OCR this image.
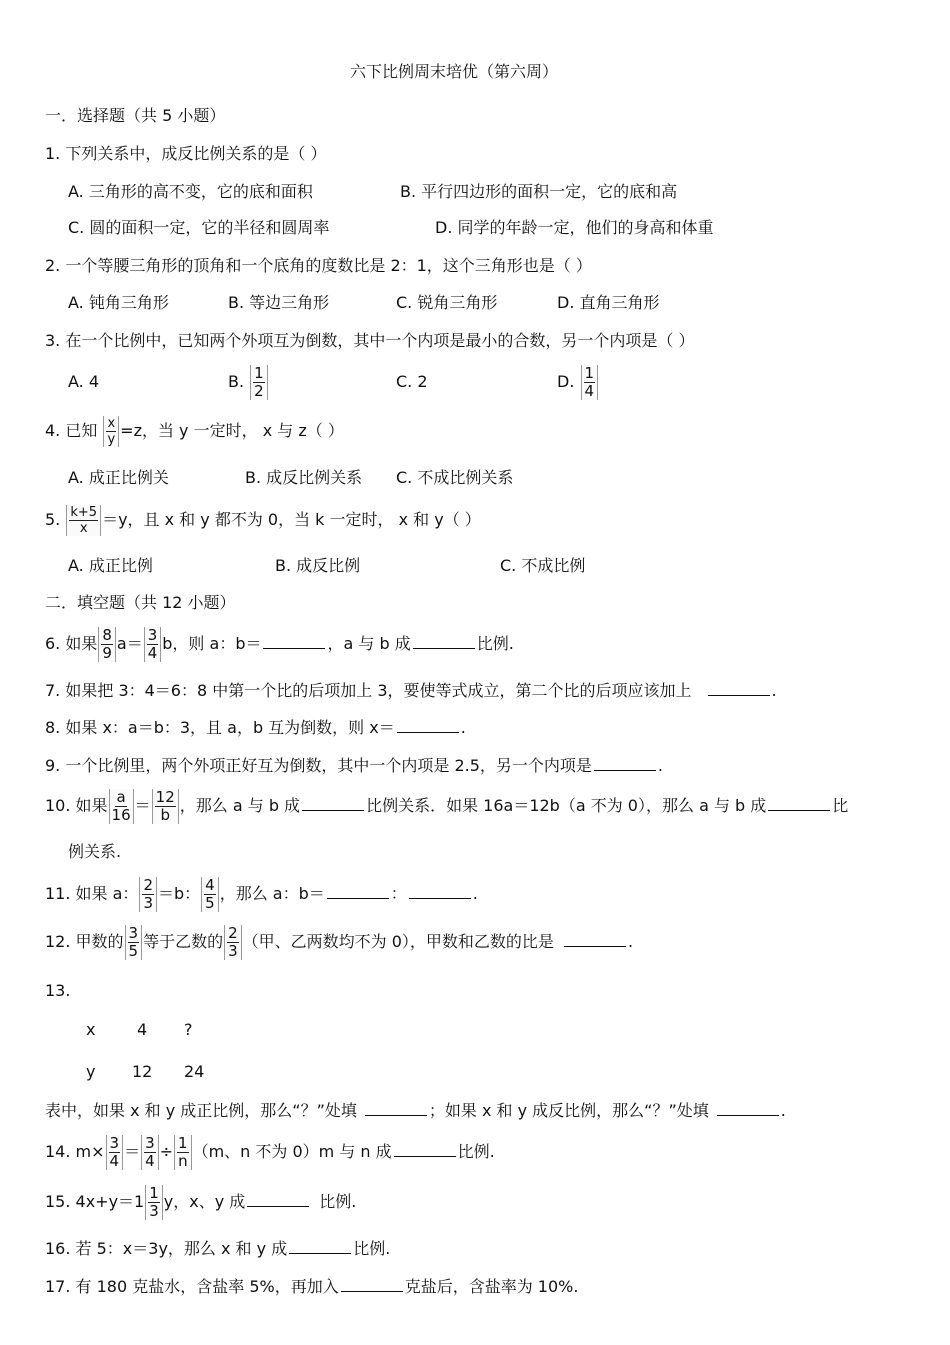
六下比例周末培优（第六周）
一．选择题（共 5 小题）
1. 下列关系中，成反比例关系的是（ ）
A. 三角形的高不变，它的底和面积	B. 平行四边形的面积一定，它的底和高
C. 圆的面积一定，它的半径和圆周率	D. 同学的年龄一定，他们的身高和体重
2. 一个等腰三角形的顶角和一个底角的度数比是 2：1，这个三角形也是（ ）
A. 钝角三角形	B. 等边三角形	C. 锐角三角形	D. 直角三角形
3. 在一个比例中，已知两个外项互为倒数，其中一个内项是最小的合数，另一个内项是（ ）
A. 4	B. $\frac{1}{2}$	C. 2	D. $\frac{1}{4}$
4. 已知 $\frac{x}{y} =z$，当 y 一定时， x 与 z（ ）
A. 成正比例关	B. 成反比例关系 C. 不成比例关系
5. $\frac{k+5}{x} =y$，且 x 和 y 都不为 0，当 k 一定时， x 和 y（ ）
A. 成正比例	B. 成反比例	C. 不成比例
二．填空题（共 12 小题）
6. 如果 $\frac{8}{9} a= \frac{3}{4}$ b，则 a：b＝	，a 与 b 成	比例.
7. 如果把 3：4＝6：8 中第一个比的后项加上 3，要使等式成立，第二个比的后项应该加上	.
8. 如果 x：a＝b：3，且 a，b 互为倒数，则 x＝	.
9. 一个比例里，两个外项正好互为倒数，其中一个内项是 2.5，另一个内项是	.
10. 如果 $\frac{a}{16} = \frac{12}{b}$ ，那么 a 与 b 成	比例关系．如果 16a＝12b（a 不为 0），那么 a 与 b 成	比
例关系.
11. 如果 a： $\frac{2}{3} =b$： $\frac{4}{5}$ ，那么 a：b＝	：	.
12. 甲数的 $\frac{3}{5}$ 等于乙数的 $\frac{2}{3}$ （甲、乙两数均不为 0），甲数和乙数的比是	.
13.
x	4 ?
y 12 24
表中，如果 x 和 y 成正比例，那么“？”处填	；如果 x 和 y 成反比例，那么“？”处填	.
14. $m\times \frac{3}{4} = \frac{3}{4} \div \frac{1}{n} (m$、n 不为 0）m 与 n 成	比例.
15. $4x+y=1 \frac{1}{3}$ y，x、y 成	比例.
16. 若 5：x＝3y，那么 x 和 y 成	比例.
17. 有 180 克盐水，含盐率 5%，再加入	克盐后，含盐率为 10%.
